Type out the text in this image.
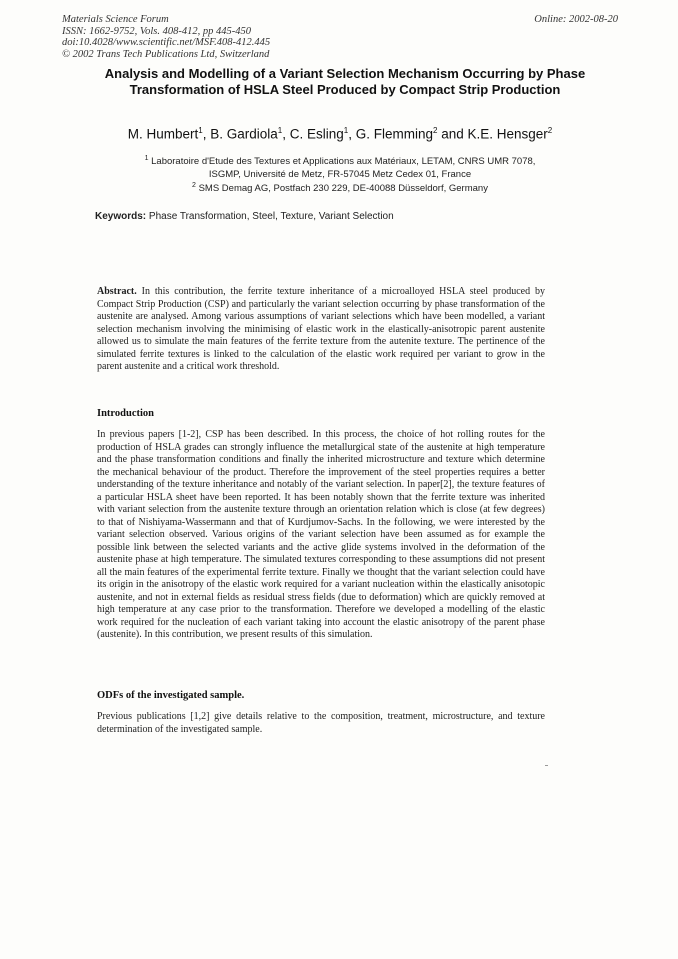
Materials Science Forum
ISSN: 1662-9752, Vols. 408-412, pp 445-450
doi:10.4028/www.scientific.net/MSF.408-412.445
© 2002 Trans Tech Publications Ltd, Switzerland
Online: 2002-08-20
Analysis and Modelling of a Variant Selection Mechanism Occurring by Phase Transformation of HSLA Steel Produced by Compact Strip Production
M. Humbert$^1$, B. Gardiola$^1$, C. Esling$^1$, G. Flemming$^2$ and K.E. Hensger$^2$
$^1$ Laboratoire d'Etude des Textures et Applications aux Matériaux, LETAM, CNRS UMR 7078,
ISGMP, Université de Metz, FR-57045 Metz Cedex 01, France
$^2$ SMS Demag AG, Postfach 230 229, DE-40088 Düsseldorf, Germany
Keywords: Phase Transformation, Steel, Texture, Variant Selection
Abstract. In this contribution, the ferrite texture inheritance of a microalloyed HSLA steel produced by Compact Strip Production (CSP) and particularly the variant selection occurring by phase transformation of the austenite are analysed. Among various assumptions of variant selections which have been modelled, a variant selection mechanism involving the minimising of elastic work in the elastically-anisotropic parent austenite allowed us to simulate the main features of the ferrite texture from the autenite texture. The pertinence of the simulated ferrite textures is linked to the calculation of the elastic work required per variant to grow in the parent austenite and a critical work threshold.
Introduction
In previous papers [1-2], CSP has been described. In this process, the choice of hot rolling routes for the production of HSLA grades can strongly influence the metallurgical state of the austenite at high temperature and the phase transformation conditions and finally the inherited microstructure and texture which determine the mechanical behaviour of the product. Therefore the improvement of the steel properties requires a better understanding of the texture inheritance and notably of the variant selection. In paper[2], the texture features of a particular HSLA sheet have been reported. It has been notably shown that the ferrite texture was inherited with variant selection from the austenite texture through an orientation relation which is close (at few degrees) to that of Nishiyama-Wassermann and that of Kurdjumov-Sachs. In the following, we were interested by the variant selection observed. Various origins of the variant selection have been assumed as for example the possible link between the selected variants and the active glide systems involved in the deformation of the austenite phase at high temperature. The simulated textures corresponding to these assumptions did not present all the main features of the experimental ferrite texture. Finally we thought that the variant selection could have its origin in the anisotropy of the elastic work required for a variant nucleation within the elastically anisotopic austenite, and not in external fields as residual stress fields (due to deformation) which are quickly removed at high temperature at any case prior to the transformation. Therefore we developed a modelling of the elastic work required for the nucleation of each variant taking into account the elastic anisotropy of the parent phase (austenite). In this contribution, we present results of this simulation.
ODFs of the investigated sample.
Previous publications [1,2] give details relative to the composition, treatment, microstructure, and texture determination of the investigated sample.
